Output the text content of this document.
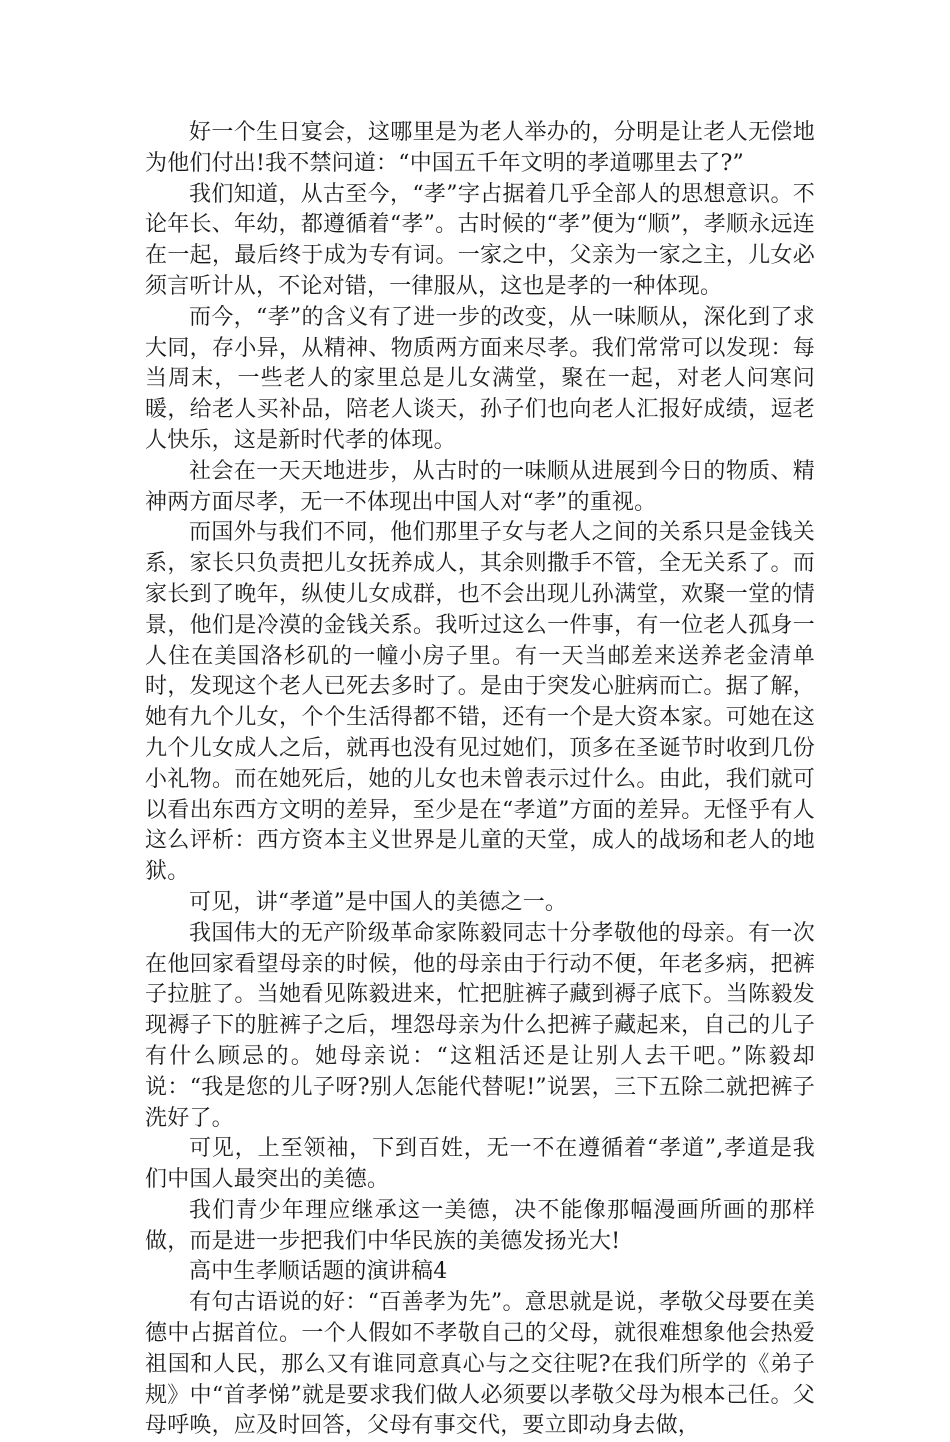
好一个生日宴会，这哪里是为老人举办的，分明是让老人无偿地为他们付出!我不禁问道：“中国五千年文明的孝道哪里去了?”

我们知道，从古至今，“孝”字占据着几乎全部人的思想意识。不论年长、年幼，都遵循着“孝”。古时候的“孝”便为“顺”，孝顺永远连在一起，最后终于成为专有词。一家之中，父亲为一家之主，儿女必须言听计从，不论对错，一律服从，这也是孝的一种体现。

而今，“孝”的含义有了进一步的改变，从一味顺从，深化到了求大同，存小异，从精神、物质两方面来尽孝。我们常常可以发现：每当周末，一些老人的家里总是儿女满堂，聚在一起，对老人问寒问暖，给老人买补品，陪老人谈天，孙子们也向老人汇报好成绩，逗老人快乐，这是新时代孝的体现。

社会在一天天地进步，从古时的一味顺从进展到今日的物质、精神两方面尽孝，无一不体现出中国人对“孝”的重视。

而国外与我们不同，他们那里子女与老人之间的关系只是金钱关系，家长只负责把儿女抚养成人，其余则撒手不管，全无关系了。而家长到了晚年，纵使儿女成群，也不会出现儿孙满堂，欢聚一堂的情景，他们是冷漠的金钱关系。我听过这么一件事，有一位老人孤身一人住在美国洛杉矶的一幢小房子里。有一天当邮差来送养老金清单时，发现这个老人已死去多时了。是由于突发心脏病而亡。据了解，她有九个儿女，个个生活得都不错，还有一个是大资本家。可她在这九个儿女成人之后，就再也没有见过她们，顶多在圣诞节时收到几份小礼物。而在她死后，她的儿女也未曾表示过什么。由此，我们就可以看出东西方文明的差异，至少是在“孝道”方面的差异。无怪乎有人这么评析：西方资本主义世界是儿童的天堂，成人的战场和老人的地狱。

可见，讲“孝道”是中国人的美德之一。

我国伟大的无产阶级革命家陈毅同志十分孝敬他的母亲。有一次在他回家看望母亲的时候，他的母亲由于行动不便，年老多病，把裤子拉脏了。当她看见陈毅进来，忙把脏裤子藏到褥子底下。当陈毅发现褥子下的脏裤子之后，埋怨母亲为什么把裤子藏起来，自己的儿子有什么顾忌的。她母亲说：“这粗活还是让别人去干吧。”陈毅却说：“我是您的儿子呀?别人怎能代替呢!”说罢，三下五除二就把裤子洗好了。

可见，上至领袖，下到百姓，无一不在遵循着“孝道”,孝道是我们中国人最突出的美德。

我们青少年理应继承这一美德，决不能像那幅漫画所画的那样做，而是进一步把我们中华民族的美德发扬光大!

高中生孝顺话题的演讲稿4

有句古语说的好：“百善孝为先”。意思就是说，孝敬父母要在美德中占据首位。一个人假如不孝敬自己的父母，就很难想象他会热爱祖国和人民，那么又有谁同意真心与之交往呢?在我们所学的《弟子规》中“首孝悌”就是要求我们做人必须要以孝敬父母为根本己任。父母呼唤，应及时回答，父母有事交代，要立即动身去做，
